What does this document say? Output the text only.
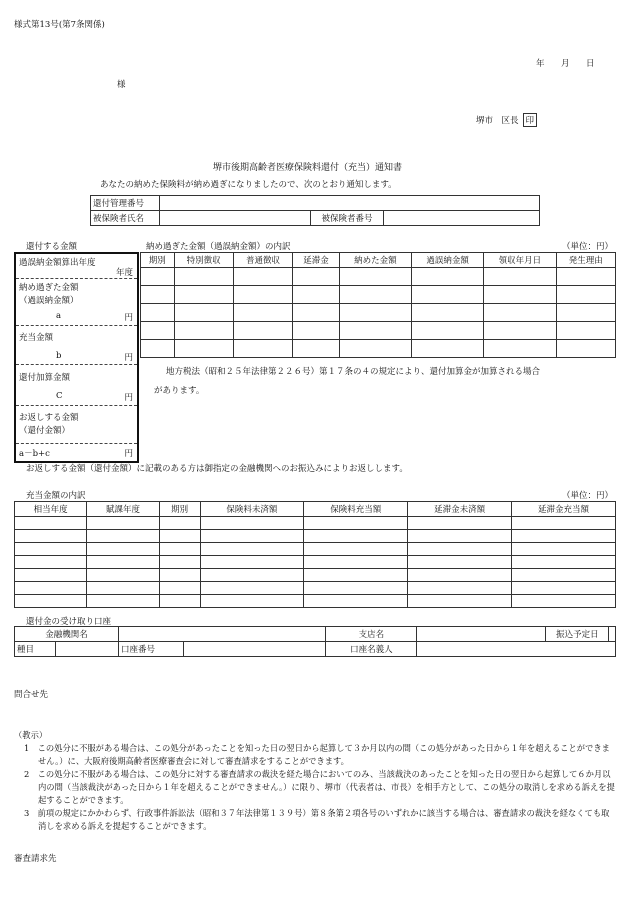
様式第13号(第7条関係)
年　月　日
様
堺市　区長 印
堺市後期高齢者医療保険料還付（充当）通知書
あなたの納めた保険料が納め過ぎになりましたので、次のとおり通知します。
還付管理番号			
被保険者氏名		被保険者番号	
還付する金額	納め過ぎた金額（過誤納金額）の内訳	（単位：円）
過誤納金額算出年度
年度
納め過ぎた金額
（過誤納金額）
a	円
充当金額
b	円
還付加算金額
C	円
お返しする金額
（還付金額）
a－b+c	円
期別	特別徴収	普通徴収	延滞金	納めた金額	過誤納金額	領収年月日	発生理由

地方税法（昭和２５年法律第２２６号）第１７条の４の規定により、還付加算金が加算される場合
があります。
お返しする金額（還付金額）に記載のある方は御指定の金融機関へのお振込みによりお返しします。
充当金額の内訳	（単位：円）
相当年度	賦課年度	期別	保険料未済額	保険料充当額	延滞金未済額	延滞金充当額

還付金の受け取り口座
金融機関名				支店名		振込予定日	
種目		口座番号		口座名義人			
問合せ先
（教示）
1　 この処分に不服がある場合は、この処分があったことを知った日の翌日から起算して３か月以内の間（この処分があった日から１年を超えることができません。）に、大阪府後期高齢者医療審査会に対して審査請求をすることができます。
2　 この処分に不服がある場合は、この処分に対する審査請求の裁決を経た場合においてのみ、当該裁決のあったことを知った日の翌日から起算して６か月以内の間（当該裁決があった日から１年を超えることができません。）に限り、堺市（代表者は、市長）を相手方として、この処分の取消しを求める訴えを提起することができます。
3　 前項の規定にかかわらず、行政事件訴訟法（昭和３７年法律第１３９号）第８条第２項各号のいずれかに該当する場合は、審査請求の裁決を経なくても取消しを求める訴えを提起することができます。
審査請求先
